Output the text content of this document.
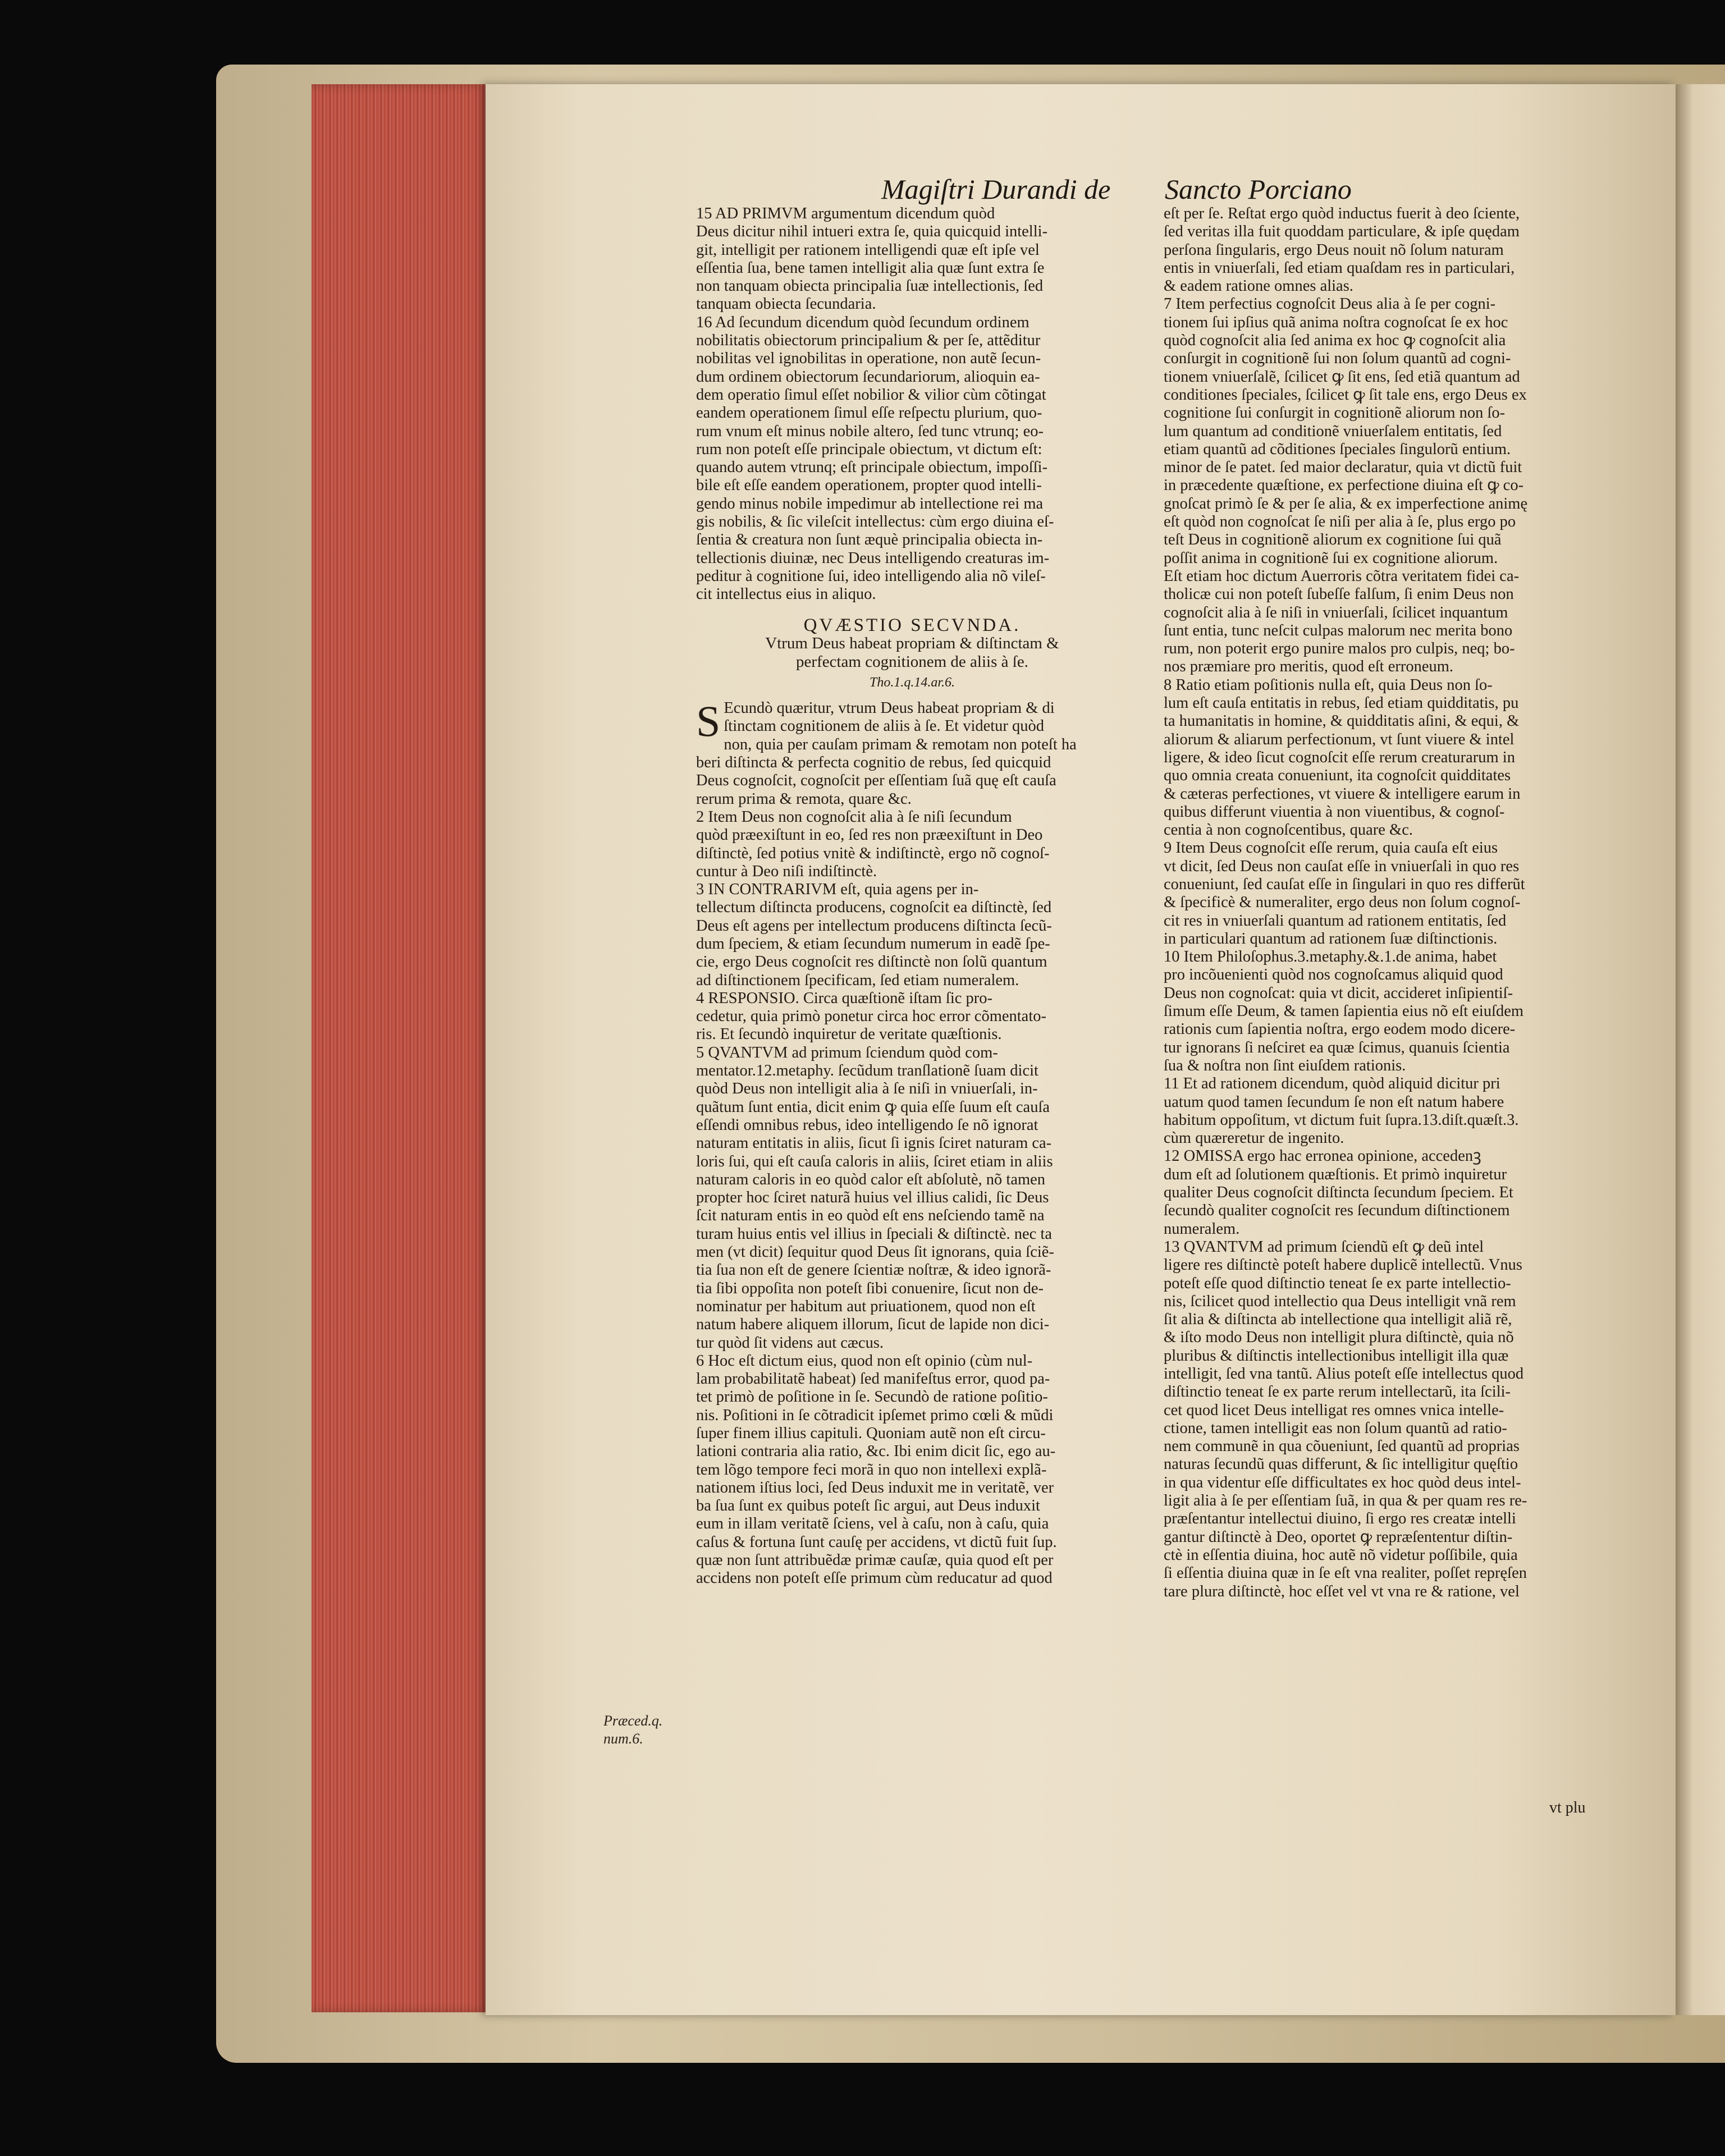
Magiſtri Durandi de Sancto Porciano
15 AD PRIMVM argumentum dicendum quòd
Deus dicitur nihil intueri extra ſe, quia quicquid intelli-
git, intelligit per rationem intelligendi quæ eſt ipſe vel
eſſentia ſua, bene tamen intelligit alia quæ ſunt extra ſe
non tanquam obiecta principalia ſuæ intellectionis, ſed
tanquam obiecta ſecundaria.
16 Ad ſecundum dicendum quòd ſecundum ordinem
nobilitatis obiectorum principalium & per ſe, attẽditur
nobilitas vel ignobilitas in operatione, non autẽ ſecun-
dum ordinem obiectorum ſecundariorum, alioquin ea-
dem operatio ſimul eſſet nobilior & vilior cùm cõtingat
eandem operationem ſimul eſſe reſpectu plurium, quo-
rum vnum eſt minus nobile altero, ſed tunc vtrunq; eo-
rum non poteſt eſſe principale obiectum, vt dictum eſt:
quando autem vtrunq; eſt principale obiectum, impoſſi-
bile eſt eſſe eandem operationem, propter quod intelli-
gendo minus nobile impedimur ab intellectione rei ma
gis nobilis, & ſic vileſcit intellectus: cùm ergo diuina eſ-
ſentia & creatura non ſunt æquè principalia obiecta in-
tellectionis diuinæ, nec Deus intelligendo creaturas im-
peditur à cognitione ſui, ideo intelligendo alia nõ vileſ-
cit intellectus eius in aliquo.
QVÆSTIO SECVNDA.
Vtrum Deus habeat propriam & diſtinctam &
perfectam cognitionem de aliis à ſe.
Tho.1.q.14.ar.6.
S Ecundò quæritur, vtrum Deus habeat propriam & di
ſtinctam cognitionem de aliis à ſe. Et videtur quòd
non, quia per cauſam primam & remotam non poteſt ha
beri diſtincta & perfecta cognitio de rebus, ſed quicquid
Deus cognoſcit, cognoſcit per eſſentiam ſuã quę eſt cauſa
rerum prima & remota, quare &c.
2 Item Deus non cognoſcit alia à ſe niſi ſecundum
quòd præexiſtunt in eo, ſed res non præexiſtunt in Deo
diſtinctè, ſed potius vnitè & indiſtinctè, ergo nõ cognoſ-
cuntur à Deo niſi indiſtinctè.
3 IN CONTRARIVM eſt, quia agens per in-
tellectum diſtincta producens, cognoſcit ea diſtinctè, ſed
Deus eſt agens per intellectum producens diſtincta ſecũ-
dum ſpeciem, & etiam ſecundum numerum in eadẽ ſpe-
cie, ergo Deus cognoſcit res diſtinctè non ſolũ quantum
ad diſtinctionem ſpecificam, ſed etiam numeralem.
4 RESPONSIO. Circa quæſtionẽ iſtam ſic pro-
cedetur, quia primò ponetur circa hoc error cõmentato-
ris. Et ſecundò inquiretur de veritate quæſtionis.
5 QVANTVM ad primum ſciendum quòd com-
mentator.12.metaphy. ſecũdum tranſlationẽ ſuam dicit
quòd Deus non intelligit alia à ſe niſi in vniuerſali, in-
quãtum ſunt entia, dicit enim ꝙ quia eſſe ſuum eſt cauſa
eſſendi omnibus rebus, ideo intelligendo ſe nõ ignorat
naturam entitatis in aliis, ſicut ſi ignis ſciret naturam ca-
loris ſui, qui eſt cauſa caloris in aliis, ſciret etiam in aliis
naturam caloris in eo quòd calor eſt abſolutè, nõ tamen
propter hoc ſciret naturã huius vel illius calidi, ſic Deus
ſcit naturam entis in eo quòd eſt ens neſciendo tamẽ na
turam huius entis vel illius in ſpeciali & diſtinctè. nec ta
men (vt dicit) ſequitur quod Deus ſit ignorans, quia ſciẽ-
tia ſua non eſt de genere ſcientiæ noſtræ, & ideo ignorã-
tia ſibi oppoſita non poteſt ſibi conuenire, ſicut non de-
nominatur per habitum aut priuationem, quod non eſt
natum habere aliquem illorum, ſicut de lapide non dici-
tur quòd ſit videns aut cæcus.
6 Hoc eſt dictum eius, quod non eſt opinio (cùm nul-
lam probabilitatẽ habeat) ſed manifeſtus error, quod pa-
tet primò de poſitione in ſe. Secundò de ratione poſitio-
nis. Poſitioni in ſe cõtradicit ipſemet primo cœli & mũdi
ſuper finem illius capituli. Quoniam autẽ non eſt circu-
lationi contraria alia ratio, &c. Ibi enim dicit ſic, ego au-
tem lõgo tempore feci morã in quo non intellexi explã-
nationem iſtius loci, ſed Deus induxit me in veritatẽ, ver
ba ſua ſunt ex quibus poteſt ſic argui, aut Deus induxit
eum in illam veritatẽ ſciens, vel à caſu, non à caſu, quia
caſus & fortuna ſunt cauſę per accidens, vt dictũ fuit ſup.
quæ non ſunt attribuẽdæ primæ cauſæ, quia quod eſt per
accidens non poteſt eſſe primum cùm reducatur ad quod
eſt per ſe. Reſtat ergo quòd inductus fuerit à deo ſciente,
ſed veritas illa fuit quoddam particulare, & ipſe quędam
perſona ſingularis, ergo Deus nouit nõ ſolum naturam
entis in vniuerſali, ſed etiam quaſdam res in particulari,
& eadem ratione omnes alias.
7 Item perfectius cognoſcit Deus alia à ſe per cogni-
tionem ſui ipſius quã anima noſtra cognoſcat ſe ex hoc
quòd cognoſcit alia ſed anima ex hoc ꝙ cognoſcit alia
conſurgit in cognitionẽ ſui non ſolum quantũ ad cogni-
tionem vniuerſalẽ, ſcilicet ꝙ ſit ens, ſed etiã quantum ad
conditiones ſpeciales, ſcilicet ꝙ ſit tale ens, ergo Deus ex
cognitione ſui conſurgit in cognitionẽ aliorum non ſo-
lum quantum ad conditionẽ vniuerſalem entitatis, ſed
etiam quantũ ad cõditiones ſpeciales ſingulorũ entium.
minor de ſe patet. ſed maior declaratur, quia vt dictũ fuit
in præcedente quæſtione, ex perfectione diuina eſt ꝙ co-
gnoſcat primò ſe & per ſe alia, & ex imperfectione animę
eſt quòd non cognoſcat ſe niſi per alia à ſe, plus ergo po
teſt Deus in cognitionẽ aliorum ex cognitione ſui quã
poſſit anima in cognitionẽ ſui ex cognitione aliorum.
Eſt etiam hoc dictum Auerroris cõtra veritatem fidei ca-
tholicæ cui non poteſt ſubeſſe falſum, ſi enim Deus non
cognoſcit alia à ſe niſi in vniuerſali, ſcilicet inquantum
ſunt entia, tunc neſcit culpas malorum nec merita bono
rum, non poterit ergo punire malos pro culpis, neq; bo-
nos præmiare pro meritis, quod eſt erroneum.
8 Ratio etiam poſitionis nulla eſt, quia Deus non ſo-
lum eſt cauſa entitatis in rebus, ſed etiam quidditatis, pu
ta humanitatis in homine, & quidditatis aſini, & equi, &
aliorum & aliarum perfectionum, vt ſunt viuere & intel
ligere, & ideo ſicut cognoſcit eſſe rerum creaturarum in
quo omnia creata conueniunt, ita cognoſcit quidditates
& cæteras perfectiones, vt viuere & intelligere earum in
quibus differunt viuentia à non viuentibus, & cognoſ-
centia à non cognoſcentibus, quare &c.
9 Item Deus cognoſcit eſſe rerum, quia cauſa eſt eius
vt dicit, ſed Deus non cauſat eſſe in vniuerſali in quo res
conueniunt, ſed cauſat eſſe in ſingulari in quo res differũt
& ſpecificè & numeraliter, ergo deus non ſolum cognoſ-
cit res in vniuerſali quantum ad rationem entitatis, ſed
in particulari quantum ad rationem ſuæ diſtinctionis.
10 Item Philoſophus.3.metaphy.&.1.de anima, habet
pro incõuenienti quòd nos cognoſcamus aliquid quod
Deus non cognoſcat: quia vt dicit, accideret inſipientiſ-
ſimum eſſe Deum, & tamen ſapientia eius nõ eſt eiuſdem
rationis cum ſapientia noſtra, ergo eodem modo dicere-
tur ignorans ſi neſciret ea quæ ſcimus, quanuis ſcientia
ſua & noſtra non ſint eiuſdem rationis.
11 Et ad rationem dicendum, quòd aliquid dicitur pri
uatum quod tamen ſecundum ſe non eſt natum habere
habitum oppoſitum, vt dictum fuit ſupra.13.diſt.quæſt.3.
cùm quæreretur de ingenito.
12 OMISSA ergo hac erronea opinione, accedenꝫ
dum eſt ad ſolutionem quæſtionis. Et primò inquiretur
qualiter Deus cognoſcit diſtincta ſecundum ſpeciem. Et
ſecundò qualiter cognoſcit res ſecundum diſtinctionem
numeralem.
13 QVANTVM ad primum ſciendũ eſt ꝙ deũ intel
ligere res diſtinctè poteſt habere duplicẽ intellectũ. Vnus
poteſt eſſe quod diſtinctio teneat ſe ex parte intellectio-
nis, ſcilicet quod intellectio qua Deus intelligit vnã rem
ſit alia & diſtincta ab intellectione qua intelligit aliã rẽ,
& iſto modo Deus non intelligit plura diſtinctè, quia nõ
pluribus & diſtinctis intellectionibus intelligit illa quæ
intelligit, ſed vna tantũ. Alius poteſt eſſe intellectus quod
diſtinctio teneat ſe ex parte rerum intellectarũ, ita ſcili-
cet quod licet Deus intelligat res omnes vnica intelle-
ctione, tamen intelligit eas non ſolum quantũ ad ratio-
nem communẽ in qua cõueniunt, ſed quantũ ad proprias
naturas ſecundũ quas differunt, & ſic intelligitur quęſtio
in qua videntur eſſe difficultates ex hoc quòd deus intel-
ligit alia à ſe per eſſentiam ſuã, in qua & per quam res re-
præſentantur intellectui diuino, ſi ergo res creatæ intelli
gantur diſtinctè à Deo, oportet ꝙ repræſententur diſtin-
ctè in eſſentia diuina, hoc autẽ nõ videtur poſſibile, quia
ſi eſſentia diuina quæ in ſe eſt vna realiter, poſſet repręſen
tare plura diſtinctè, hoc eſſet vel vt vna re & ratione, vel
Præced.q.
num.6.
vt plu
